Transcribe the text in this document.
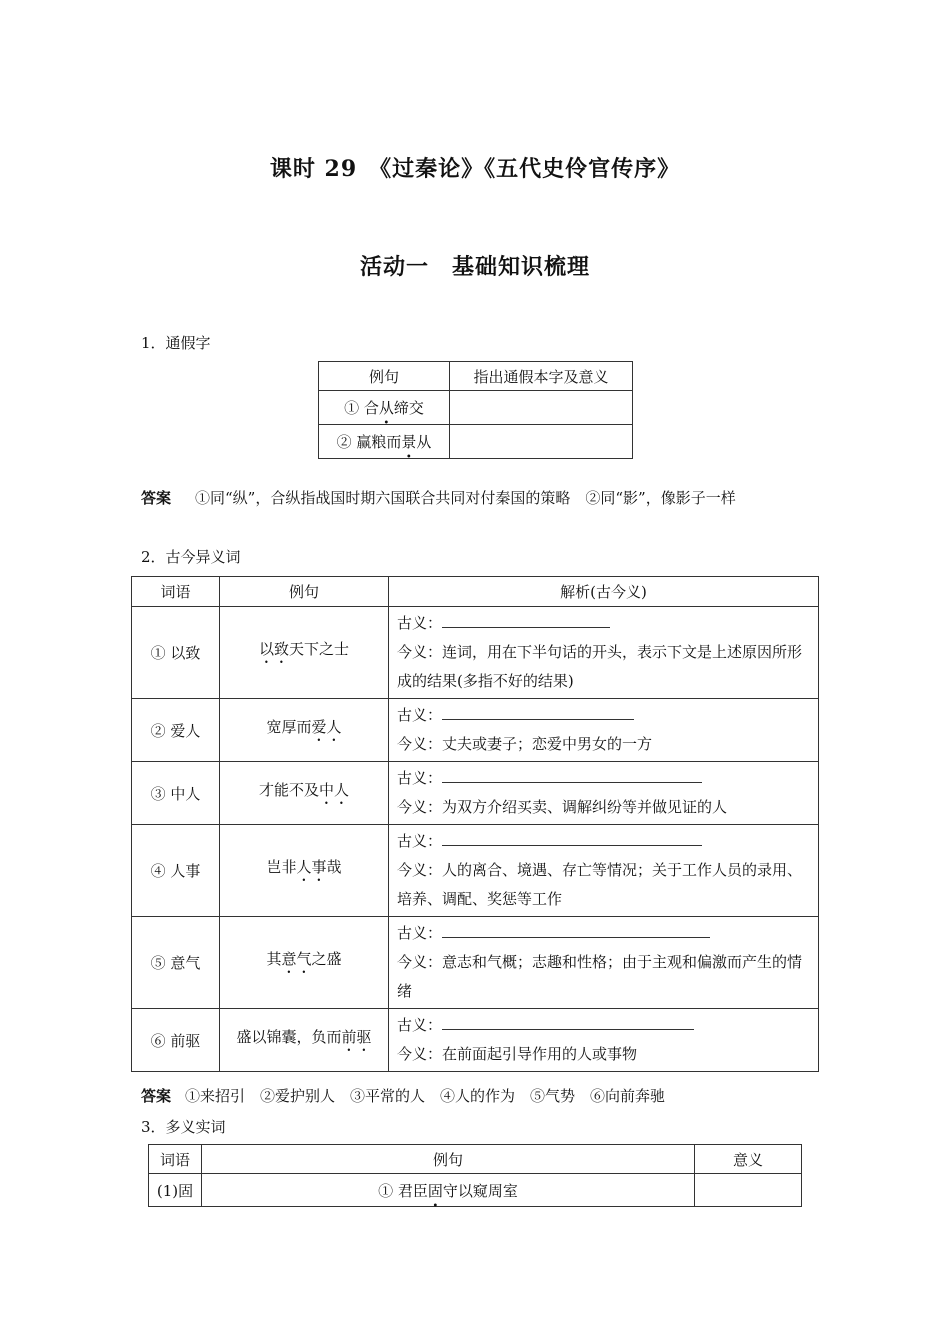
课时 29　《过秦论》《五代史伶官传序》
活动一　基础知识梳理
1．通假字
例句	指出通假本字及意义
① 合从缔交	
② 赢粮而景从	
答案 ①同“纵”，合纵指战国时期六国联合共同对付秦国的策略　②同“影”，像影子一样
2．古今异义词
词语	例句	解析(古今义)
① 以致	以致天下之士	古义：
今义：连词，用在下半句话的开头，表示下文是上述原因所形成的结果(多指不好的结果)

② 爱人	宽厚而爱人	古义：
今义：丈夫或妻子；恋爱中男女的一方

③ 中人	才能不及中人	古义：
今义：为双方介绍买卖、调解纠纷等并做见证的人

④ 人事	岂非人事哉	古义：
今义：人的离合、境遇、存亡等情况；关于工作人员的录用、培养、调配、奖惩等工作

⑤ 意气	其意气之盛	古义：
今义：意志和气概；志趣和性格；由于主观和偏激而产生的情绪

⑥ 前驱	盛以锦囊，负而前驱	古义：
今义：在前面起引导作用的人或事物
答案 ①来招引　②爱护别人　③平常的人　④人的作为　⑤气势　⑥向前奔驰
3．多义实词
词语	例句	意义
(1)固	① 君臣固守以窥周室	
